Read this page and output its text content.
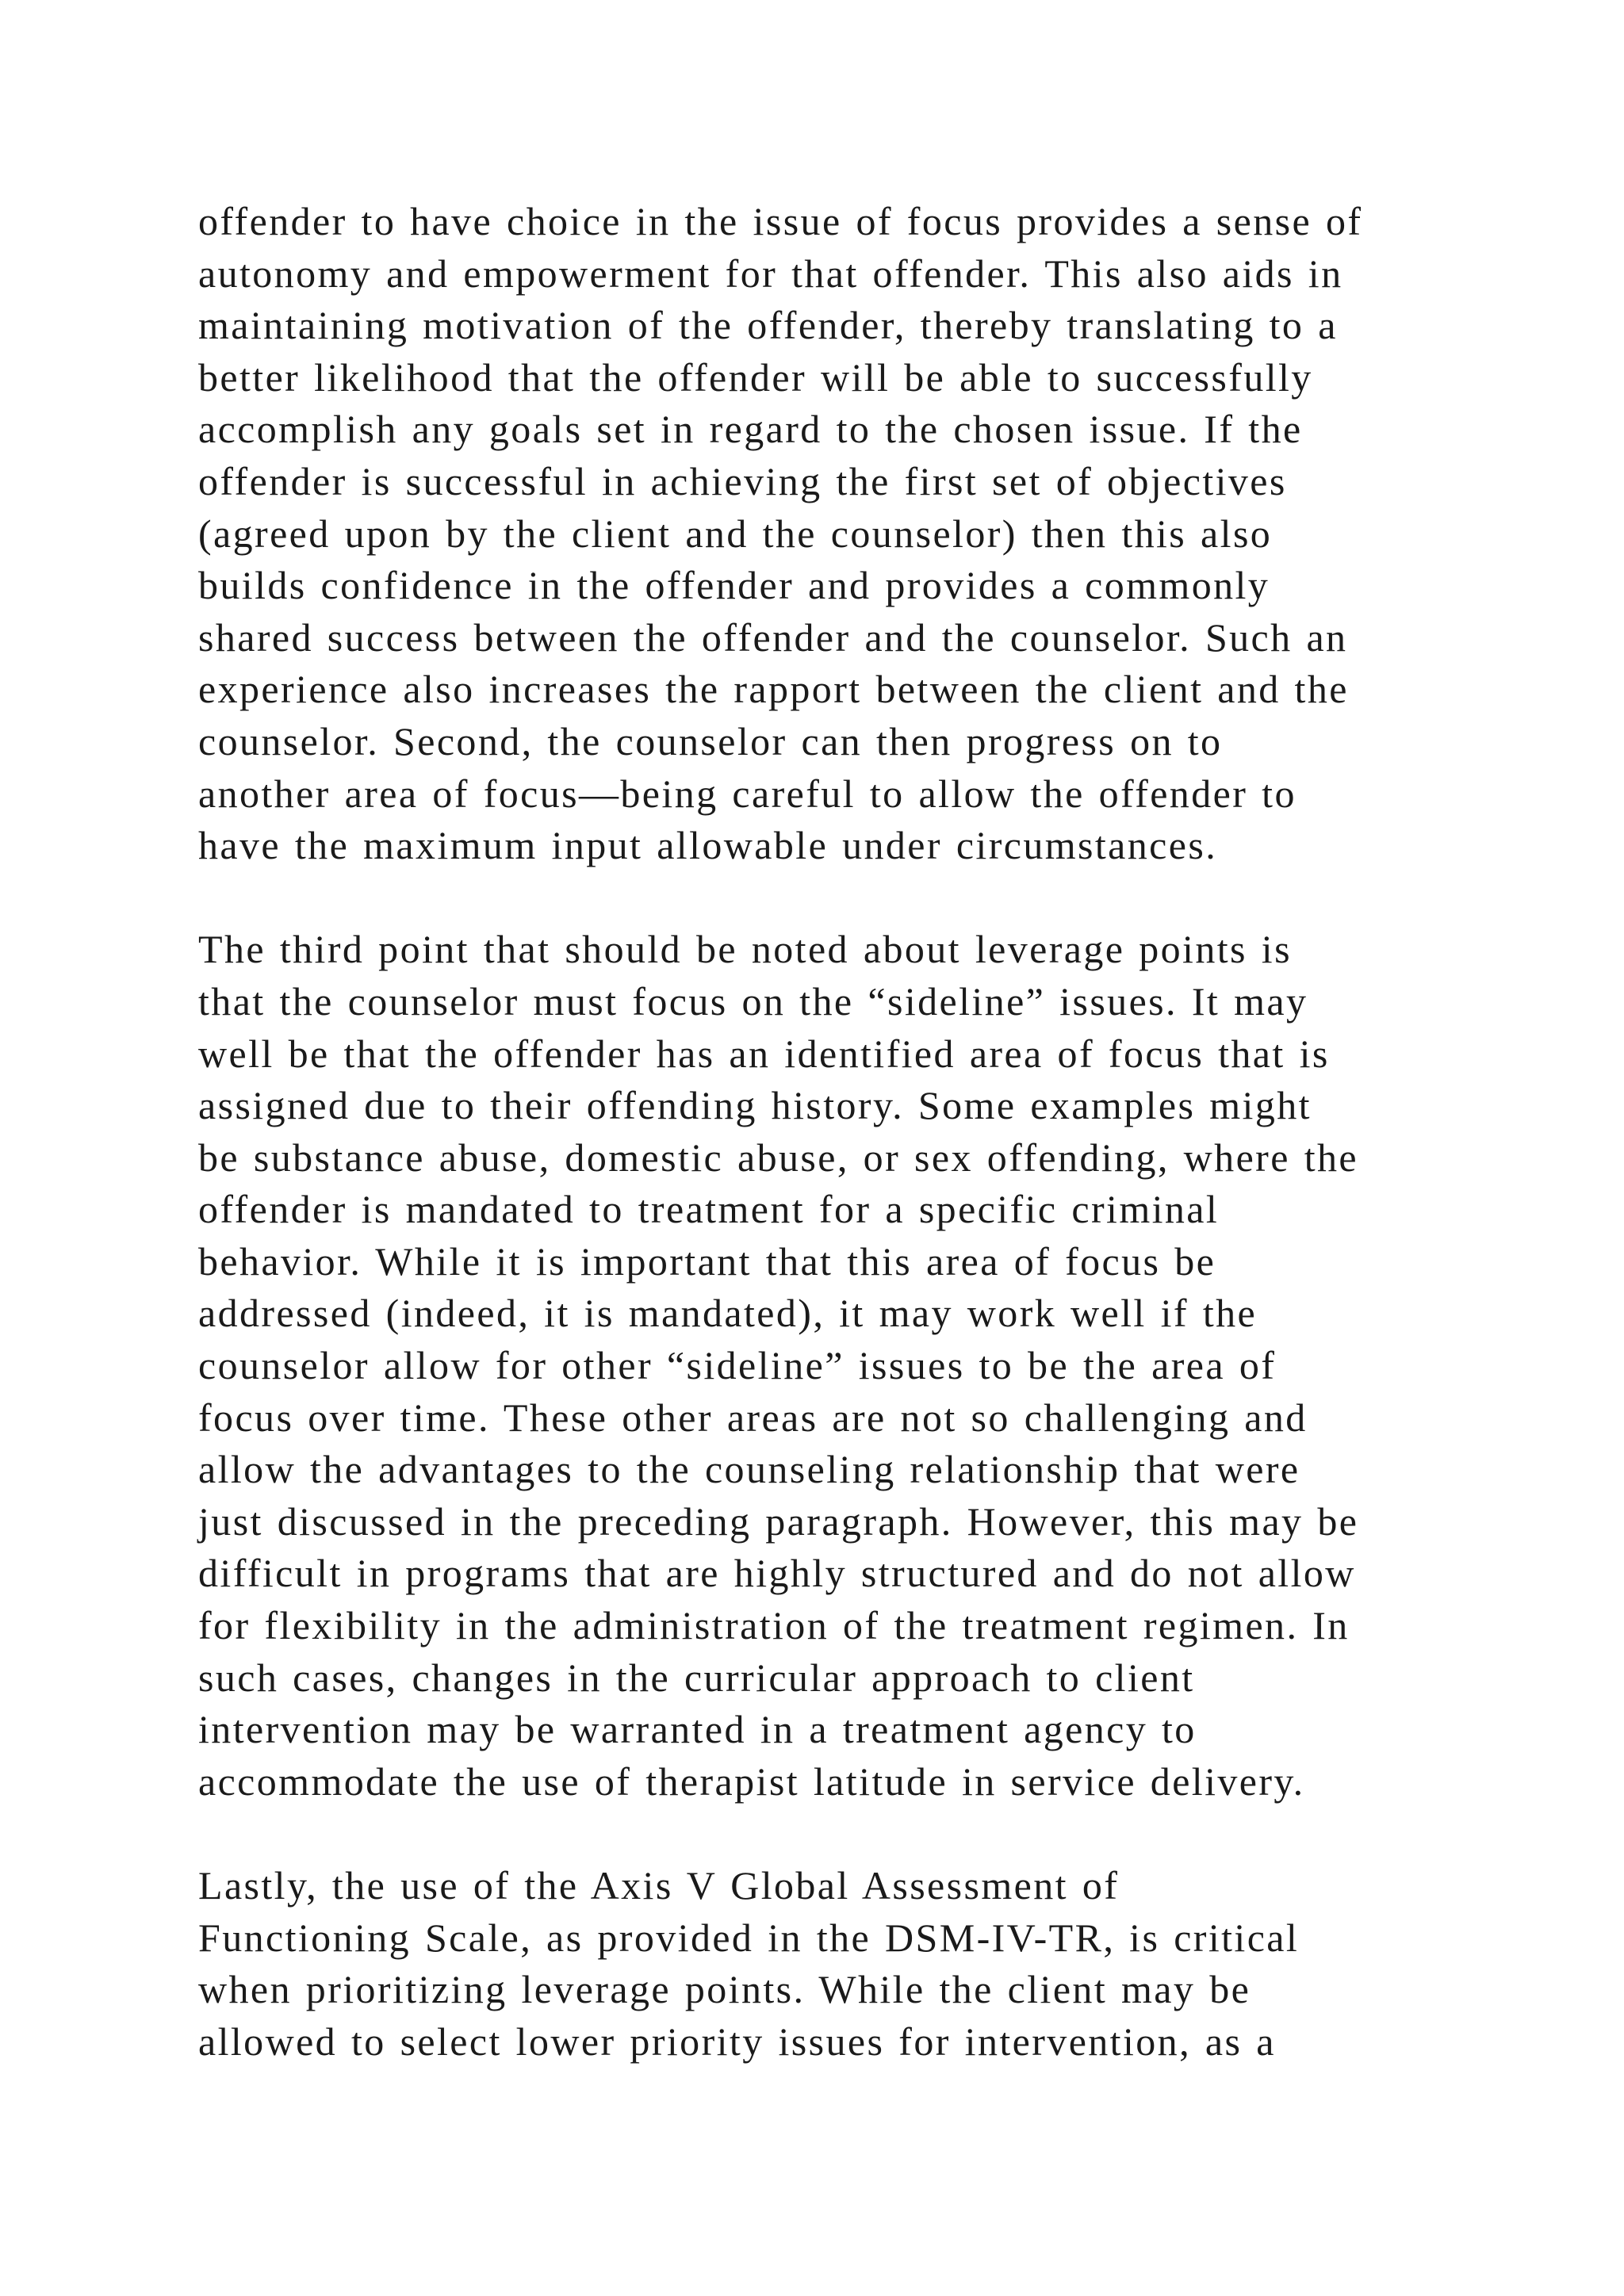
offender to have choice in the issue of focus provides a sense of
autonomy and empowerment for that offender. This also aids in
maintaining motivation of the offender, thereby translating to a
better likelihood that the offender will be able to successfully
accomplish any goals set in regard to the chosen issue. If the
offender is successful in achieving the first set of objectives
(agreed upon by the client and the counselor) then this also
builds confidence in the offender and provides a commonly
shared success between the offender and the counselor. Such an
experience also increases the rapport between the client and the
counselor. Second, the counselor can then progress on to
another area of focus—being careful to allow the offender to
have the maximum input allowable under circumstances.
The third point that should be noted about leverage points is
that the counselor must focus on the “sideline” issues. It may
well be that the offender has an identified area of focus that is
assigned due to their offending history. Some examples might
be substance abuse, domestic abuse, or sex offending, where the
offender is mandated to treatment for a specific criminal
behavior. While it is important that this area of focus be
addressed (indeed, it is mandated), it may work well if the
counselor allow for other “sideline” issues to be the area of
focus over time. These other areas are not so challenging and
allow the advantages to the counseling relationship that were
just discussed in the preceding paragraph. However, this may be
difficult in programs that are highly structured and do not allow
for flexibility in the administration of the treatment regimen. In
such cases, changes in the curricular approach to client
intervention may be warranted in a treatment agency to
accommodate the use of therapist latitude in service delivery.
Lastly, the use of the Axis V Global Assessment of
Functioning Scale, as provided in the DSM-IV-TR, is critical
when prioritizing leverage points. While the client may be
allowed to select lower priority issues for intervention, as a
